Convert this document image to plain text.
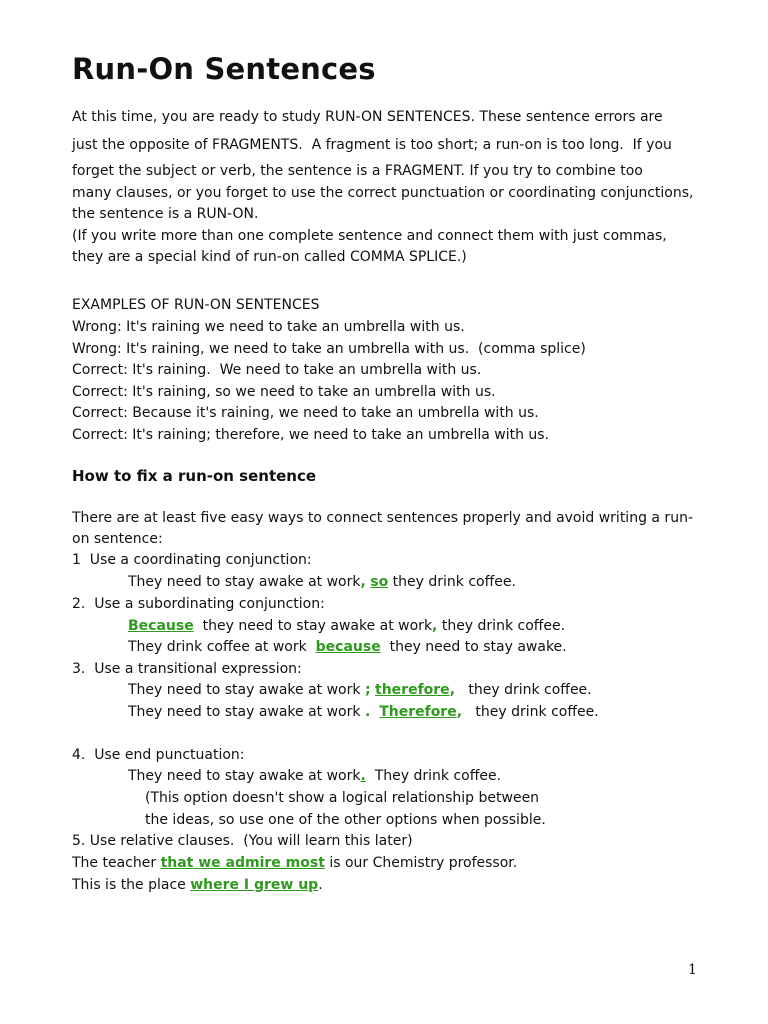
Run-On Sentences
At this time, you are ready to study RUN-ON SENTENCES. These sentence errors are
just the opposite of FRAGMENTS.  A fragment is too short; a run-on is too long.  If you
forget the subject or verb, the sentence is a FRAGMENT. If you try to combine too
many clauses, or you forget to use the correct punctuation or coordinating conjunctions,
the sentence is a RUN-ON.
(If you write more than one complete sentence and connect them with just commas,
they are a special kind of run-on called COMMA SPLICE.)
EXAMPLES OF RUN-ON SENTENCES
Wrong: It's raining we need to take an umbrella with us.
Wrong: It's raining, we need to take an umbrella with us.  (comma splice)
Correct: It's raining.  We need to take an umbrella with us.
Correct: It's raining, so we need to take an umbrella with us.
Correct: Because it's raining, we need to take an umbrella with us.
Correct: It's raining; therefore, we need to take an umbrella with us.
How to fix a run-on sentence
There are at least five easy ways to connect sentences properly and avoid writing a run-
on sentence:
1  Use a coordinating conjunction:
They need to stay awake at work, so they drink coffee.
2.  Use a subordinating conjunction:
Because  they need to stay awake at work, they drink coffee.
They drink coffee at work  because  they need to stay awake.
3.  Use a transitional expression:
They need to stay awake at work ; therefore,   they drink coffee.
They need to stay awake at work . Therefore,   they drink coffee.
4.  Use end punctuation:
They need to stay awake at work.  They drink coffee.
(This option doesn't show a logical relationship between
the ideas, so use one of the other options when possible.
5. Use relative clauses.  (You will learn this later)
The teacher that we admire most is our Chemistry professor.
This is the place where I grew up.
1
